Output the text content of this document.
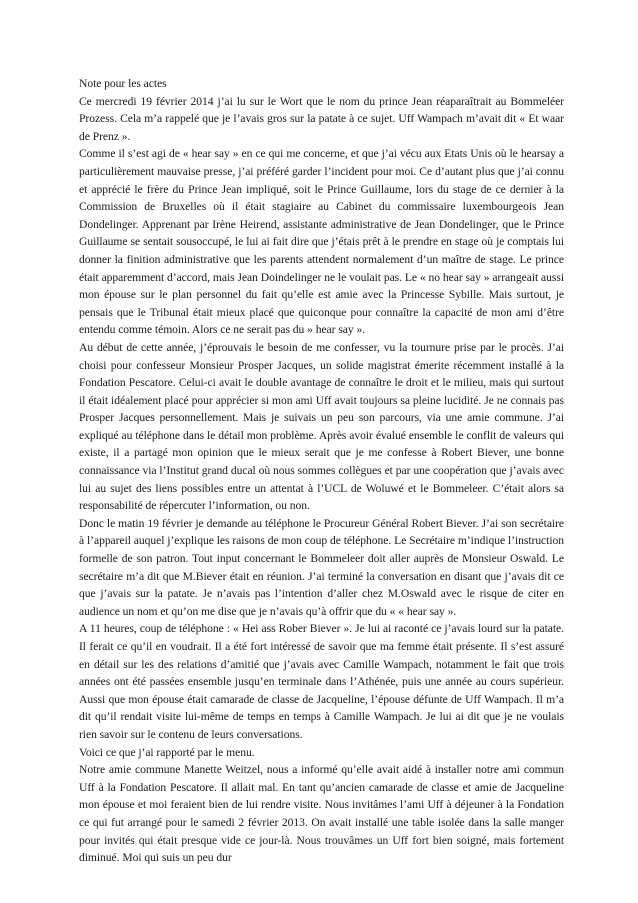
Note pour les actes

Ce mercredi 19 février 2014 j’ai lu sur le Wort que le nom du prince Jean réaparaîtrait au Bommeléer Prozess. Cela m’a rappelé que je l’avais gros sur la patate à ce sujet. Uff Wampach m’avait dit « Et waar de Prenz ».

Comme il s’est agi de « hear say » en ce qui me concerne, et que j’ai vécu aux Etats Unis où le hearsay a particulièrement mauvaise presse, j’ai préféré garder l’incident pour moi. Ce d’autant plus que j’ai connu et apprécié le frère du Prince Jean impliqué, soit le Prince Guillaume, lors du stage de ce dernier à la Commission de Bruxelles où il était stagiaire au Cabinet du commissaire luxembourgeois Jean Dondelinger. Apprenant par Irène Heirend, assistante administrative de Jean Dondelinger, que le Prince Guillaume se sentait sousoccupé, le lui ai fait dire que j’étais prêt à le prendre en stage où je comptais lui donner la finition administrative que les parents attendent normalement d’un maître de stage. Le prince était apparemment d’accord, mais Jean Doindelinger ne le voulait pas. Le « no hear say » arrangeait aussi mon épouse sur le plan personnel du fait qu’elle est amie avec la Princesse Sybille. Mais surtout, je pensais que le Tribunal était mieux placé que quiconque pour connaître la capacité de mon ami d’être entendu comme témoin. Alors ce ne serait pas du » hear say ».

Au début de cette année, j’éprouvais le besoin de me confesser, vu la tournure prise par le procès. J’ai choisi pour confesseur Monsieur Prosper Jacques, un solide magistrat émerite récemment installé à la Fondation Pescatore. Celui-ci avait le double avantage de connaître le droit et le milieu, mais qui surtout il était idéalement placé pour apprécier si mon ami Uff avait toujours sa pleine lucidité. Je ne connais pas Prosper Jacques personnellement. Mais je suivais un peu son parcours, via une amie commune. J’ai expliqué au téléphone dans le détail mon problème. Après avoir évalué ensemble le conflit de valeurs qui existe, il a partagé mon opinion que le mieux serait que je me confesse à Robert Biever, une bonne connaissance via l’Institut grand ducal où nous sommes collègues et par une coopération que j’avais avec lui au sujet des liens possibles entre un attentat à l’UCL de Woluwé et le Bommeleer. C’était alors sa responsabilité de répercuter l’information, ou non.

Donc le matin 19 février je demande au téléphone le Procureur Général Robert Biever. J’ai son secrétaire à l’appareil auquel j’explique les raisons de mon coup de téléphone. Le Secrétaire m’indique l’instruction formelle de son patron. Tout input concernant le Bommeleer doit aller auprès de Monsieur Oswald. Le secrétaire m’a dit que M.Biever était en réunion. J’ai terminé la conversation en disant que j’avais dit ce que j’avais sur la patate. Je n’avais pas l’intention d’aller chez M.Oswald avec le risque de citer en audience un nom et qu’on me dise que je n’avais qu’à offrir que du « « hear say ».

A 11 heures, coup de téléphone : « Hei ass Rober Biever ». Je lui ai raconté ce j’avais lourd sur la patate. Il ferait ce qu’il en voudrait. Il a été fort intéressé de savoir que ma femme était présente. Il s’est assuré en détail sur les des relations d’amitié que j’avais avec Camille Wampach, notamment le fait que trois années ont été passées ensemble jusqu’en terminale dans l’Athénée, puis une année au cours supérieur. Aussi que mon épouse était camarade de classe de Jacqueline, l’épouse défunte de Uff Wampach. Il m’a dit qu’il rendait visite lui-même de temps en temps à Camille Wampach. Je lui ai dit que je ne voulais rien savoir sur le contenu de leurs conversations.

Voici ce que j’ai rapporté par le menu.

Notre amie commune Manette Weitzel, nous a informé qu’elle avait aidé à installer notre ami commun Uff à la Fondation Pescatore. Il allait mal. En tant qu’ancien camarade de classe et amie de Jacqueline mon épouse et moi feraient bien de lui rendre visite. Nous invitâmes l’ami Uff à déjeuner à la Fondation ce qui fut arrangé pour le samedi 2 février 2013. On avait installé une table isolée dans la salle manger pour invités qui était presque vide ce jour-là. Nous trouvâmes un Uff fort bien soigné, mais fortement diminué. Moi qui suis un peu dur
